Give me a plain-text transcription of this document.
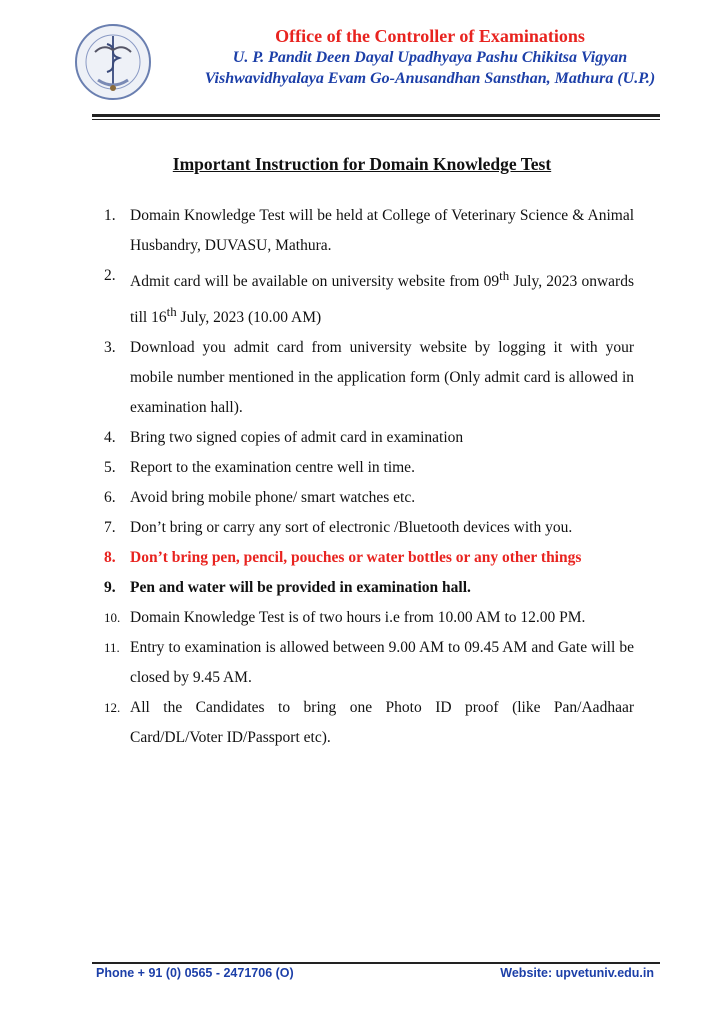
Office of the Controller of Examinations
U. P. Pandit Deen Dayal Upadhyaya Pashu Chikitsa Vigyan
Vishwavidhyalaya Evam Go-Anusandhan Sansthan, Mathura (U.P.)
Important Instruction for Domain Knowledge Test
1. Domain Knowledge Test will be held at College of Veterinary Science & Animal Husbandry, DUVASU, Mathura.
2. Admit card will be available on university website from 09th July, 2023 onwards till 16th July, 2023 (10.00 AM)
3. Download you admit card from university website by logging it with your mobile number mentioned in the application form (Only admit card is allowed in examination hall).
4. Bring two signed copies of admit card in examination
5. Report to the examination centre well in time.
6. Avoid bring mobile phone/ smart watches etc.
7. Don’t bring or carry any sort of electronic /Bluetooth devices with you.
8. Don’t bring pen, pencil, pouches or water bottles or any other things
9. Pen and water will be provided in examination hall.
10. Domain Knowledge Test is of two hours i.e from 10.00 AM to 12.00 PM.
11. Entry to examination is allowed between 9.00 AM to 09.45 AM and Gate will be closed by 9.45 AM.
12. All the Candidates to bring one Photo ID proof (like Pan/Aadhaar Card/DL/Voter ID/Passport etc).
Phone + 91 (0) 0565 - 2471706 (O)	Website: upvetuniv.edu.in
